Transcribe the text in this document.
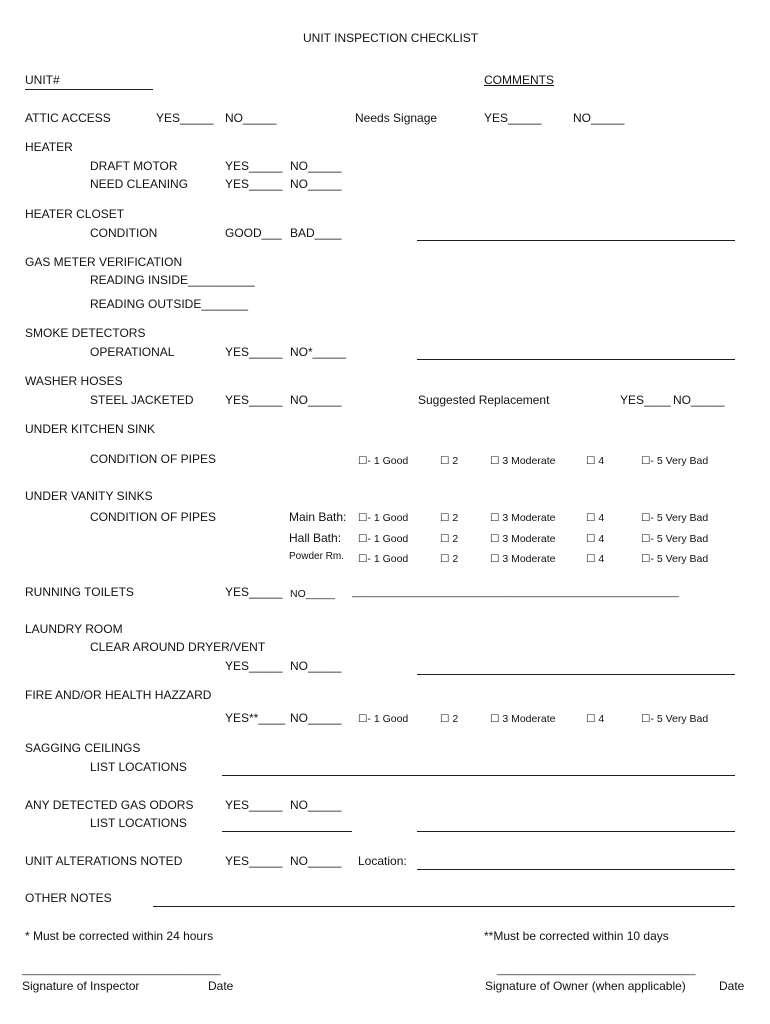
UNIT INSPECTION CHECKLIST
UNIT#	COMMENTS
ATTIC ACCESS	YES_____ NO_____	Needs Signage	YES_____	NO_____
HEATER
DRAFT MOTOR	YES_____ NO_____
NEED CLEANING	YES_____ NO_____
HEATER CLOSET
CONDITION	GOOD___ BAD____
GAS METER VERIFICATION
READING INSIDE__________
READING OUTSIDE_______
SMOKE DETECTORS
OPERATIONAL	YES_____ NO*_____
WASHER HOSES
STEEL JACKETED	YES_____ NO_____	Suggested Replacement	YES____ NO_____
UNDER KITCHEN SINK
CONDITION OF PIPES	☐- 1 Good	☐ 2	☐ 3 Moderate	☐ 4	☐- 5 Very Bad
UNDER VANITY SINKS
CONDITION OF PIPES	Main Bath: ☐- 1 Good	☐ 2	☐ 3 Moderate	☐ 4	☐- 5 Very Bad
Hall Bath: ☐- 1 Good	☐ 2	☐ 3 Moderate	☐ 4	☐- 5 Very Bad
Powder Rm. ☐- 1 Good	☐ 2	☐ 3 Moderate	☐ 4	☐- 5 Very Bad
RUNNING TOILETS	YES_____ NO_____ ________________________________________________________
LAUNDRY ROOM
CLEAR AROUND DRYER/VENT
YES_____ NO_____
FIRE AND/OR HEALTH HAZZARD
YES**____ NO_____ ☐- 1 Good	☐ 2	☐ 3 Moderate	☐ 4	☐- 5 Very Bad
SAGGING CEILINGS
LIST LOCATIONS
ANY DETECTED GAS ODORS	YES_____ NO_____
LIST LOCATIONS
UNIT ALTERATIONS NOTED	YES_____ NO_____ Location:
OTHER NOTES
* Must be corrected within 24 hours	**Must be corrected within 10 days
__________________________________	__________________________________
Signature of Inspector	Date	Signature of Owner (when applicable)	Date
